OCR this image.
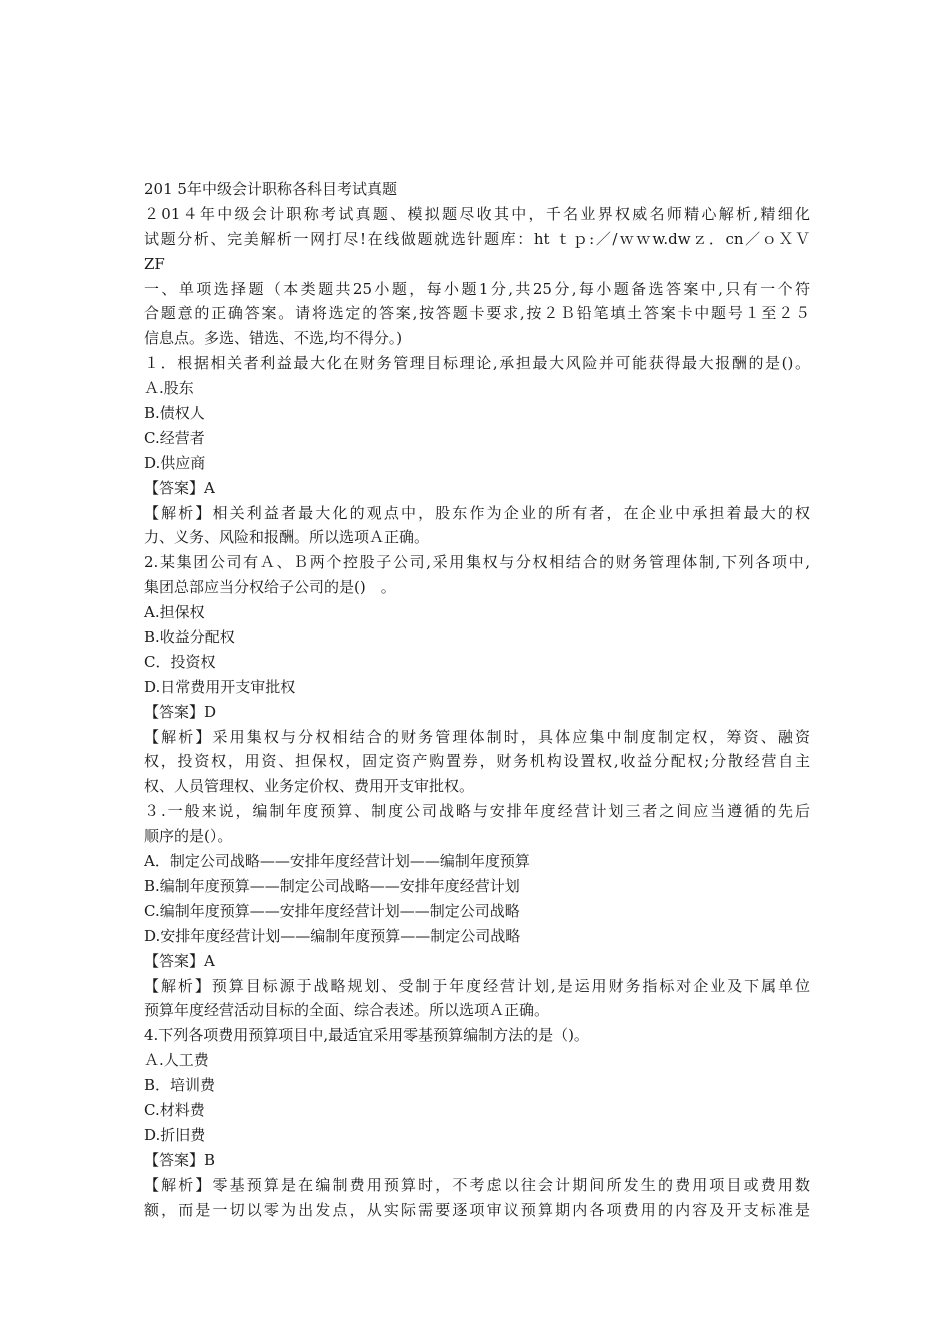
201 5年中级会计职称各科目考试真题
２01４年中级会计职称考试真题、模拟题尽收其中，千名业界权威名师精心解析,精细化
试题分析、完美解析一网打尽!在线做题就选针题库：ht ｔｐ:／/ｗｗw.dwｚ．cn／ｏＸＶ
ZF
一、单项选择题（本类题共25小题，每小题1分,共25分,每小题备选答案中,只有一个符
合题意的正确答案。请将选定的答案,按答题卡要求,按２Ｂ铅笔填土答案卡中题号１至２５
信息点。多选、错选、不选,均不得分。)
１．根据相关者利益最大化在财务管理目标理论,承担最大风险并可能获得最大报酬的是()。
Ａ.股东
B.债权人
C.经营者
D.供应商
【答案】A
【解析】相关利益者最大化的观点中，股东作为企业的所有者，在企业中承担着最大的权
力、义务、风险和报酬。所以选项Ａ正确。
2.某集团公司有Ａ、Ｂ两个控股子公司,采用集权与分权相结合的财务管理体制,下列各项中,
集团总部应当分权给子公司的是()　。
A.担保权
B.收益分配权
C．投资权
D.日常费用开支审批权
【答案】D
【解析】采用集权与分权相结合的财务管理体制时，具体应集中制度制定权，筹资、融资
权，投资权，用资、担保权，固定资产购置券，财务机构设置权,收益分配权;分散经营自主
权、人员管理权、业务定价权、费用开支审批权。
３.一般来说，编制年度预算、制度公司战略与安排年度经营计划三者之间应当遵循的先后
顺序的是(）。
A．制定公司战略——安排年度经营计划——编制年度预算
B.编制年度预算——制定公司战略——安排年度经营计划
C.编制年度预算——安排年度经营计划——制定公司战略
D.安排年度经营计划——编制年度预算——制定公司战略
【答案】A
【解析】预算目标源于战略规划、受制于年度经营计划,是运用财务指标对企业及下属单位
预算年度经营活动目标的全面、综合表述。所以选项Ａ正确。
4.下列各项费用预算项目中,最适宜采用零基预算编制方法的是（)。
Ａ.人工费
B．培训费
C.材料费
D.折旧费
【答案】B
【解析】零基预算是在编制费用预算时，不考虑以往会计期间所发生的费用项目或费用数
额，而是一切以零为出发点，从实际需要逐项审议预算期内各项费用的内容及开支标准是
